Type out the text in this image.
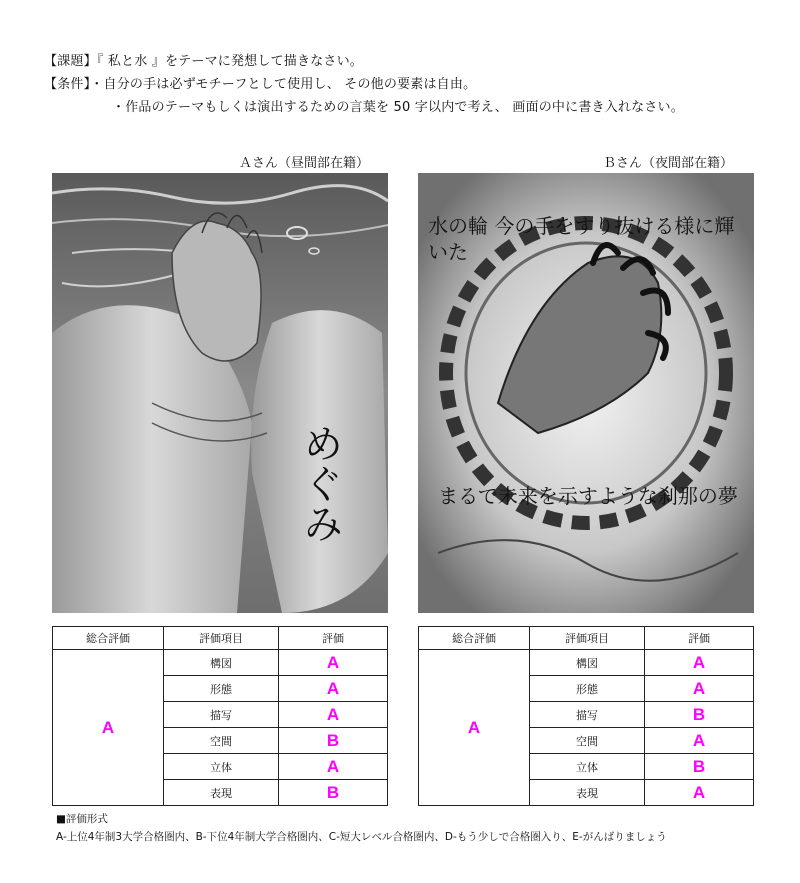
【課題】『 私と水 』をテーマに発想して描きなさい。
【条件】・自分の手は必ずモチーフとして使用し、 その他の要素は自由。
・作品のテーマもしくは演出するための言葉を 50 字以内で考え、 画面の中に書き入れなさい。
Ａさん（昼間部在籍）	Ｂさん（夜間部在籍）
めぐみ
水の輪 今の手をすり抜ける様に輝いた
まるで未来を示すような刹那の夢
総合評価	評価項目	評価
A	構図	A
	形態	A
	描写	A
	空間	B
	立体	A
	表現	B
総合評価	評価項目	評価
A	構図	A
	形態	A
	描写	B
	空間	A
	立体	B
	表現	A
■評価形式
A-上位4年制3大学合格圏内、B-下位4年制大学合格圏内、C-短大レベル合格圏内、D-もう少しで合格圏入り、E-がんばりましょう
